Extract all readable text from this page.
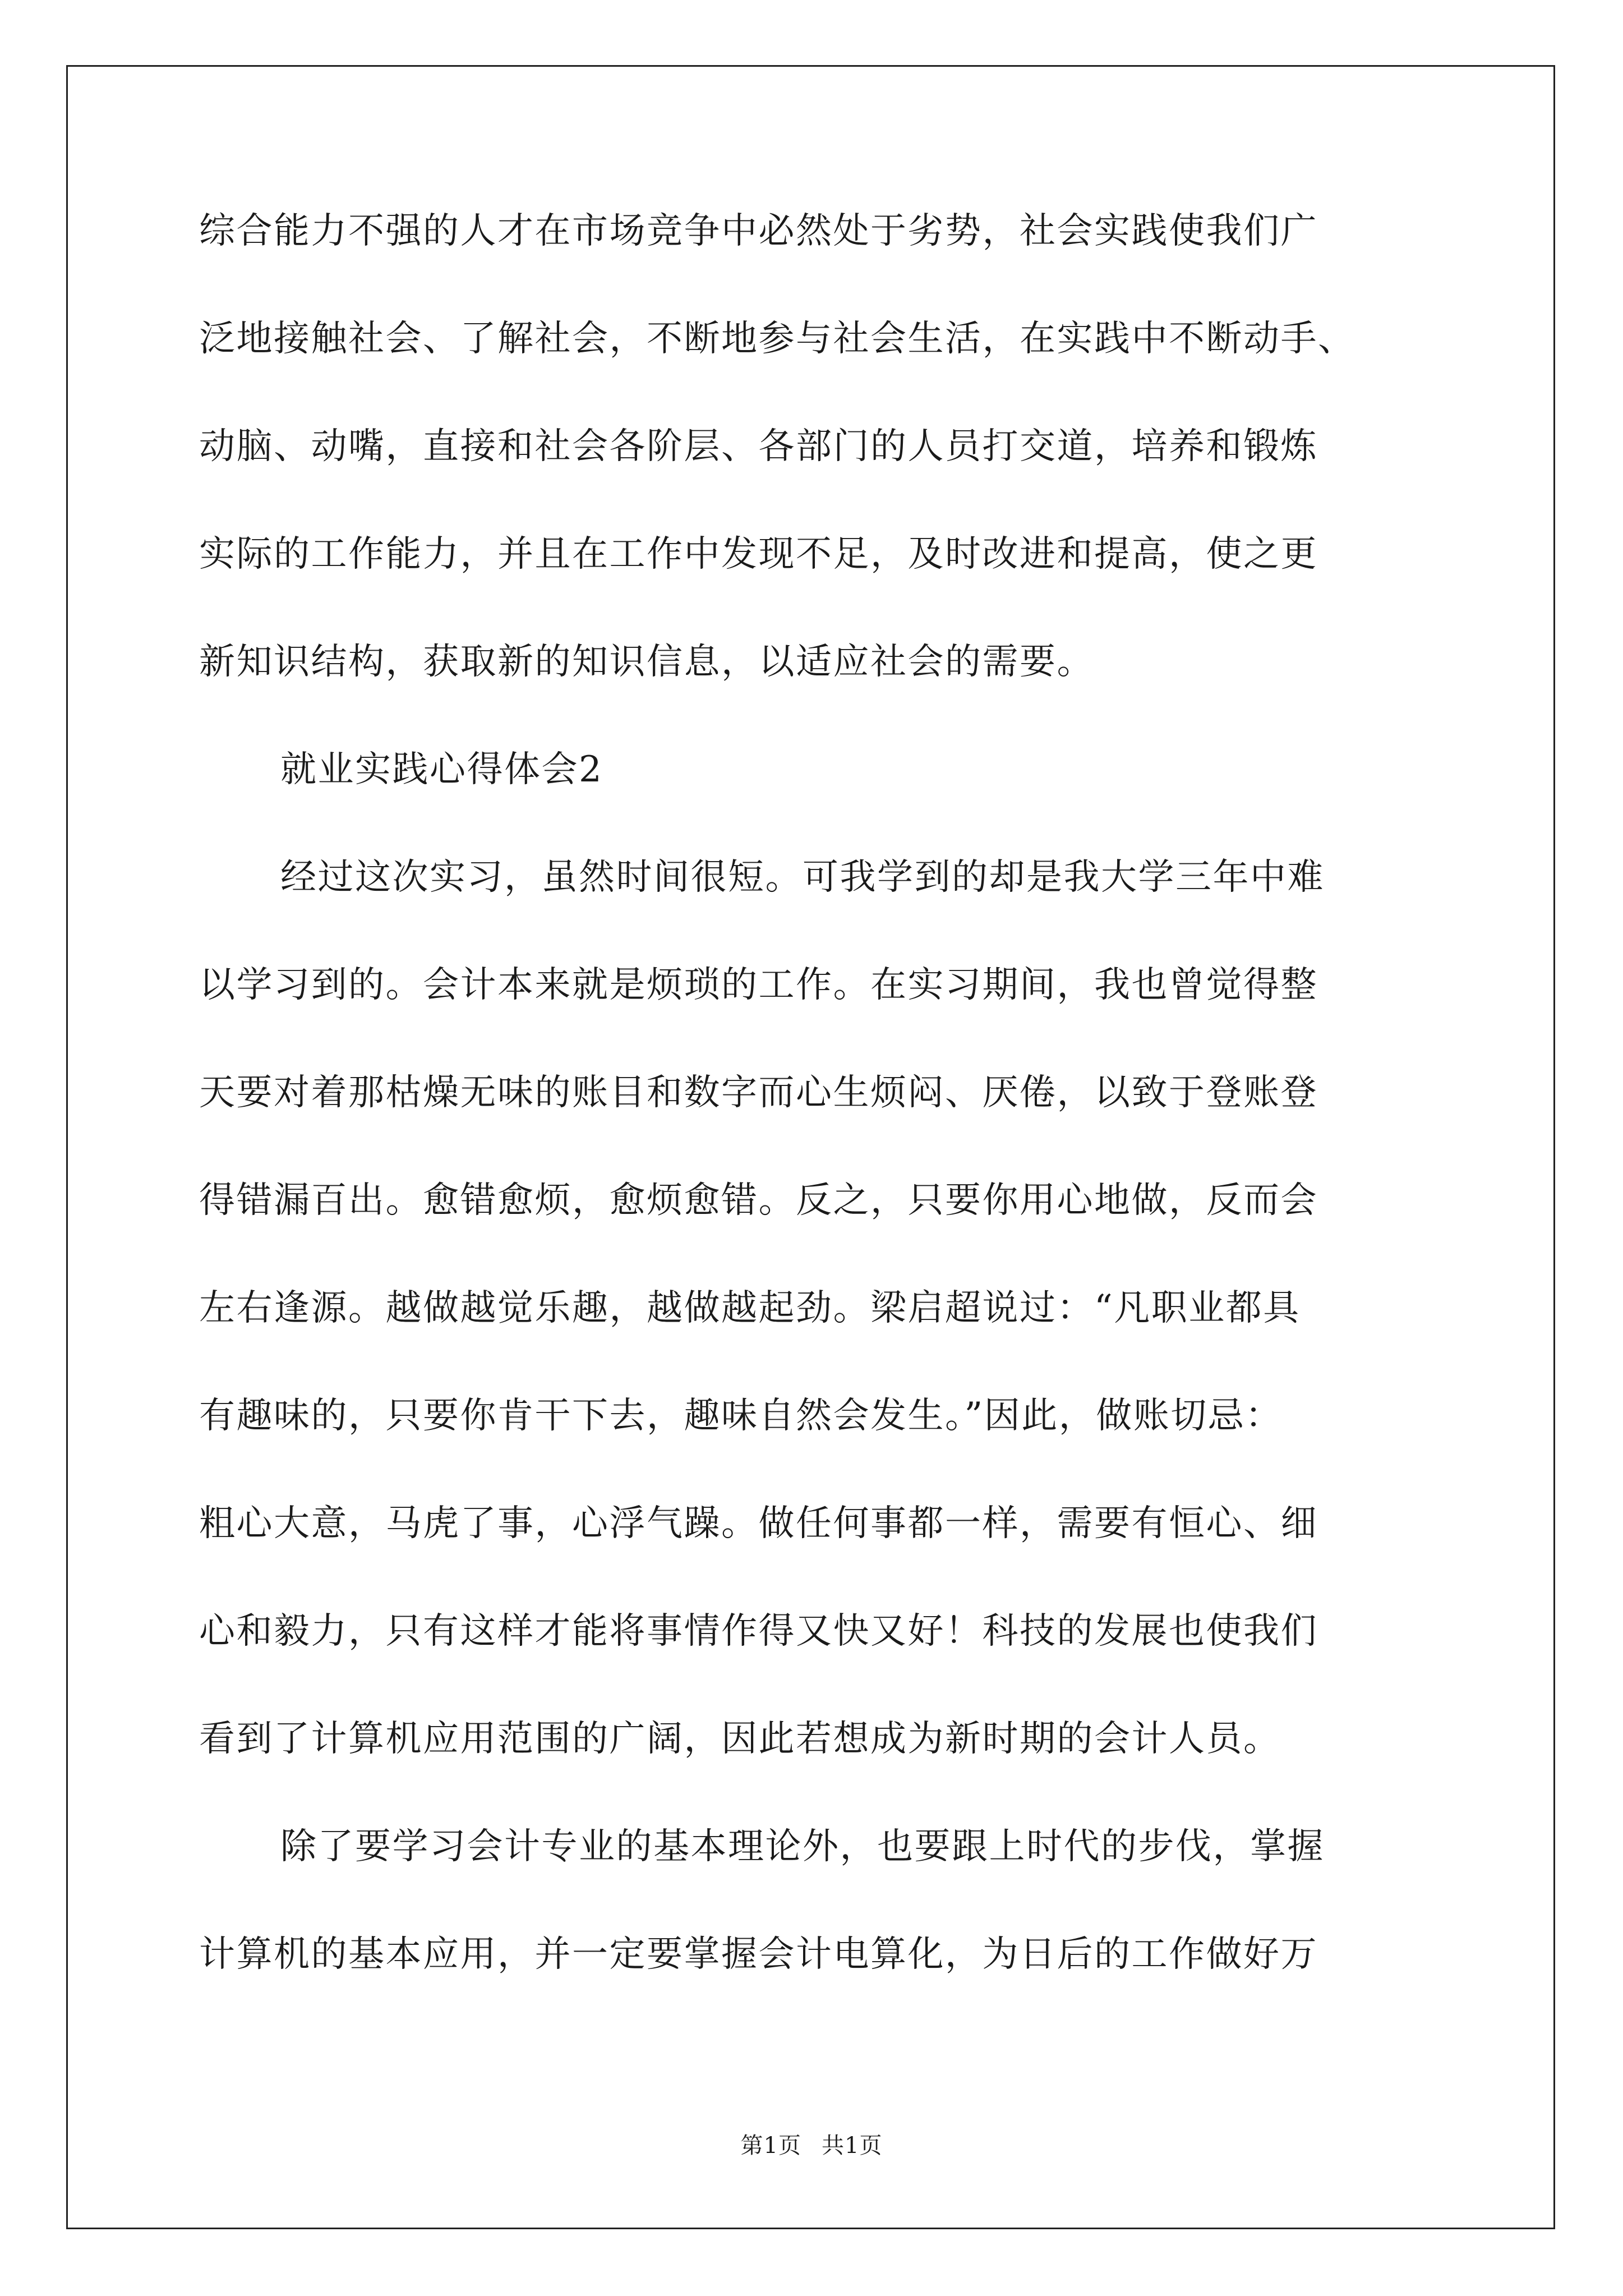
综合能力不强的人才在市场竞争中必然处于劣势，社会实践使我们广

泛地接触社会、了解社会，不断地参与社会生活，在实践中不断动手、

动脑、动嘴，直接和社会各阶层、各部门的人员打交道，培养和锻炼

实际的工作能力，并且在工作中发现不足，及时改进和提高，使之更

新知识结构，获取新的知识信息，以适应社会的需要。

就业实践心得体会2

经过这次实习，虽然时间很短。可我学到的却是我大学三年中难

以学习到的。会计本来就是烦琐的工作。在实习期间，我也曾觉得整

天要对着那枯燥无味的账目和数字而心生烦闷、厌倦，以致于登账登

得错漏百出。愈错愈烦，愈烦愈错。反之，只要你用心地做，反而会

左右逢源。越做越觉乐趣，越做越起劲。梁启超说过：“凡职业都具

有趣味的，只要你肯干下去，趣味自然会发生。”因此，做账切忌：

粗心大意，马虎了事，心浮气躁。做任何事都一样，需要有恒心、细

心和毅力，只有这样才能将事情作得又快又好！科技的发展也使我们

看到了计算机应用范围的广阔，因此若想成为新时期的会计人员。

除了要学习会计专业的基本理论外，也要跟上时代的步伐，掌握

计算机的基本应用，并一定要掌握会计电算化，为日后的工作做好万

第1页 共1页
